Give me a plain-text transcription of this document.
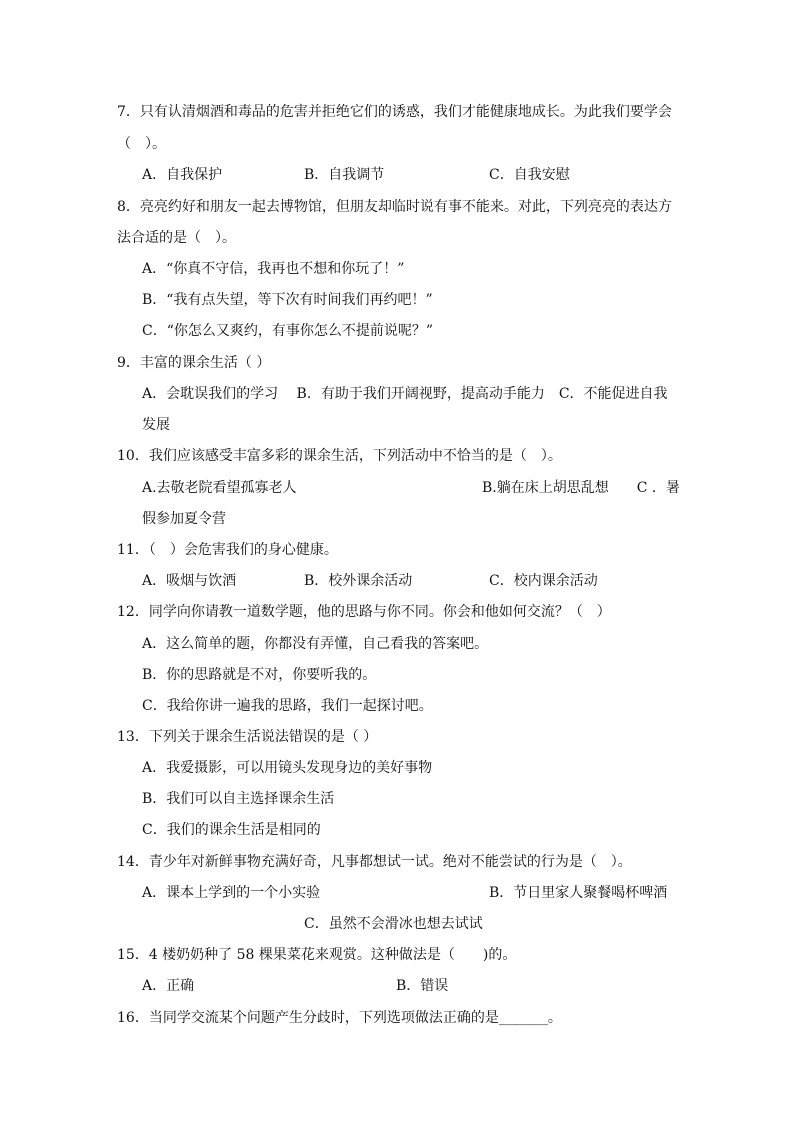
7．只有认清烟酒和毒品的危害并拒绝它们的诱惑，我们才能健康地成长。为此我们要学会
（　）。
A．自我保护	B．自我调节	C．自我安慰
8．亮亮约好和朋友一起去博物馆，但朋友却临时说有事不能来。对此，下列亮亮的表达方
法合适的是（　）。
A．“你真不守信，我再也不想和你玩了！”
B．“我有点失望，等下次有时间我们再约吧！”
C．“你怎么又爽约，有事你怎么不提前说呢？”
9．丰富的课余生活（ ）
A．会耽误我们的学习　 B．有助于我们开阔视野，提高动手能力　C．不能促进自我
发展
10．我们应该感受丰富多彩的课余生活，下列活动中不恰当的是（　）。
A.去敬老院看望孤寡老人	B.躺在床上胡思乱想　　C ．暑
假参加夏令营
11．（　）会危害我们的身心健康。
A．吸烟与饮酒	B．校外课余活动	C．校内课余活动
12．同学向你请教一道数学题，他的思路与你不同。你会和他如何交流？（　）
A．这么简单的题，你都没有弄懂，自己看我的答案吧。
B．你的思路就是不对，你要听我的。
C．我给你讲一遍我的思路，我们一起探讨吧。
13．下列关于课余生活说法错误的是（ ）
A．我爱摄影，可以用镜头发现身边的美好事物
B．我们可以自主选择课余生活
C．我们的课余生活是相同的
14．青少年对新鲜事物充满好奇，凡事都想试一试。绝对不能尝试的行为是（　）。
A．课本上学到的一个小实验	B．节日里家人聚餐喝杯啤酒
C．虽然不会滑冰也想去试试
15．4 楼奶奶种了 58 棵果菜花来观赏。这种做法是（　　)的。
A．正确	B．错误
16．当同学交流某个问题产生分歧时，下列选项做法正确的是_______。
